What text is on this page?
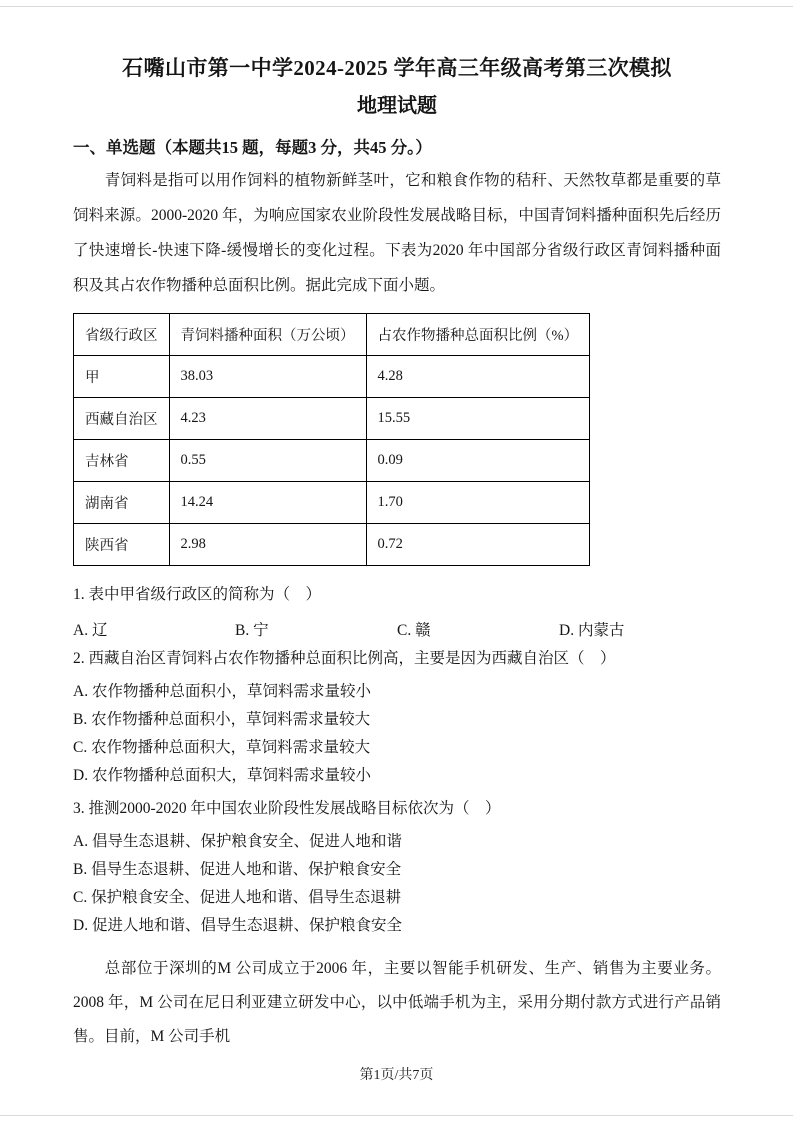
石嘴山市第一中学2024-2025 学年高三年级高考第三次模拟
地理试题
一、单选题（本题共15 题，每题3 分，共45 分。）

青饲料是指可以用作饲料的植物新鲜茎叶，它和粮食作物的秸秆、天然牧草都是重要的草饲料来源。2000-2020 年，为响应国家农业阶段性发展战略目标，中国青饲料播种面积先后经历了快速增长-快速下降-缓慢增长的变化过程。下表为2020 年中国部分省级行政区青饲料播种面积及其占农作物播种总面积比例。据此完成下面小题。

省级行政区	青饲料播种面积（万公顷）	占农作物播种总面积比例（%）
甲	38.03	4.28
西藏自治区	4.23	15.55
吉林省	0.55	0.09
湖南省	14.24	1.70
陕西省	2.98	0.72

1. 表中甲省级行政区的简称为（　）

A. 辽	B. 宁	C. 赣	D. 内蒙古

2. 西藏自治区青饲料占农作物播种总面积比例高，主要是因为西藏自治区（　）

A. 农作物播种总面积小，草饲料需求量较小

B. 农作物播种总面积小，草饲料需求量较大

C. 农作物播种总面积大，草饲料需求量较大

D. 农作物播种总面积大，草饲料需求量较小

3. 推测2000-2020 年中国农业阶段性发展战略目标依次为（　）

A. 倡导生态退耕、保护粮食安全、促进人地和谐

B. 倡导生态退耕、促进人地和谐、保护粮食安全

C. 保护粮食安全、促进人地和谐、倡导生态退耕

D. 促进人地和谐、倡导生态退耕、保护粮食安全

总部位于深圳的M 公司成立于2006 年，主要以智能手机研发、生产、销售为主要业务。2008 年，M 公司在尼日利亚建立研发中心，以中低端手机为主，采用分期付款方式进行产品销售。目前，M 公司手机

第1页/共7页
